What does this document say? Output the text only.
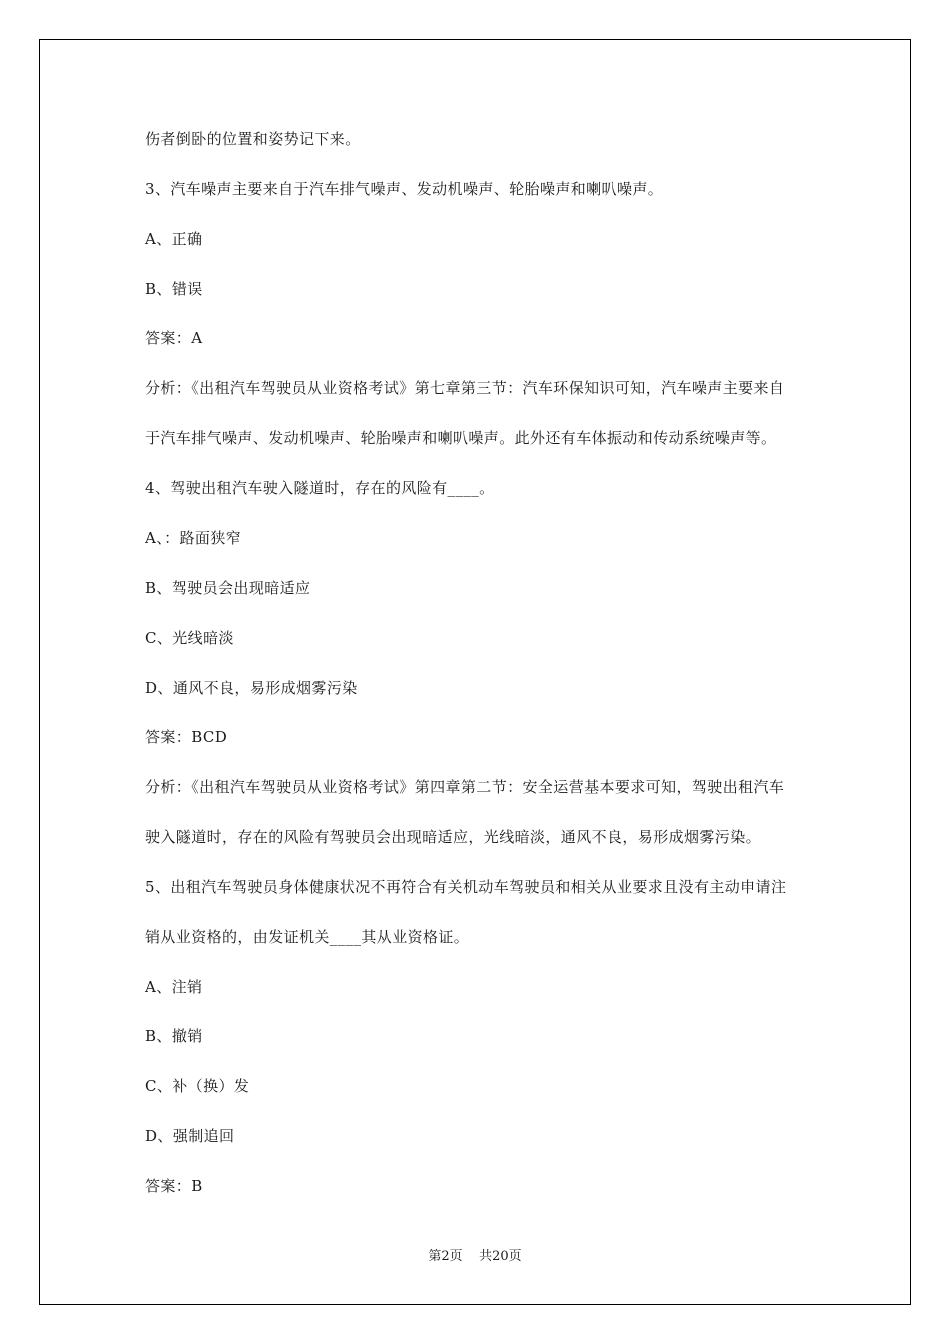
伤者倒卧的位置和姿势记下来。
3、汽车噪声主要来自于汽车排气噪声、发动机噪声、轮胎噪声和喇叭噪声。
A、正确
B、错误
答案：A
分析：《出租汽车驾驶员从业资格考试》第七章第三节：汽车环保知识可知，汽车噪声主要来自
于汽车排气噪声、发动机噪声、轮胎噪声和喇叭噪声。此外还有车体振动和传动系统噪声等。
4、驾驶出租汽车驶入隧道时，存在的风险有____。
A、：路面狭窄
B、驾驶员会出现暗适应
C、光线暗淡
D、通风不良，易形成烟雾污染
答案：BCD
分析：《出租汽车驾驶员从业资格考试》第四章第二节：安全运营基本要求可知，驾驶出租汽车
驶入隧道时，存在的风险有驾驶员会出现暗适应，光线暗淡，通风不良，易形成烟雾污染。
5、出租汽车驾驶员身体健康状况不再符合有关机动车驾驶员和相关从业要求且没有主动申请注
销从业资格的，由发证机关____其从业资格证。
A、注销
B、撤销
C、补（换）发
D、强制追回
答案：B
第2页    共20页
